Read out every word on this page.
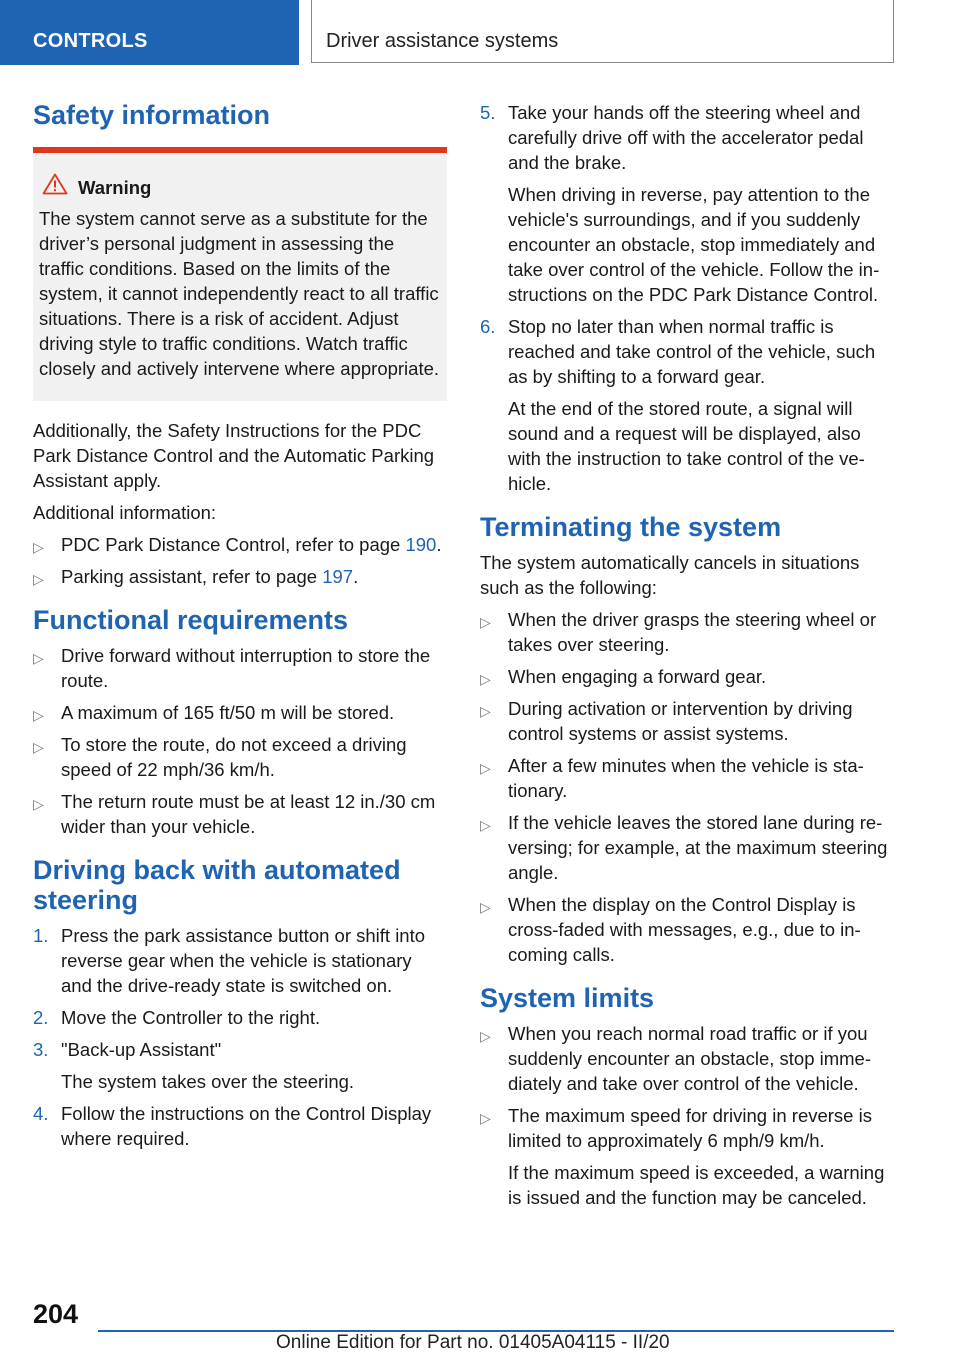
CONTROLS	Driver assistance systems
Safety information
Warning
The system cannot serve as a substitute for the driver’s personal judgment in assessing the traffic conditions. Based on the limits of the system, it cannot independently react to all traffic situations. There is a risk of accident. Adjust driving style to traffic conditions. Watch traffic closely and actively intervene where appropriate.

Additionally, the Safety Instructions for the PDC Park Distance Control and the Automatic Parking Assistant apply.

Additional information:

▷ PDC Park Distance Control, refer to page 190.
▷ Parking assistant, refer to page 197.
Functional requirements
▷ Drive forward without interruption to store the route.
▷ A maximum of 165 ft/50 m will be stored.
▷ To store the route, do not exceed a driving speed of 22 mph/36 km/h.
▷ The return route must be at least 12 in./30 cm wider than your vehicle.
Driving back with automated steering
1. Press the park assistance button or shift into reverse gear when the vehicle is stationary and the drive-ready state is switched on.
2. Move the Controller to the right.
3. "Back-up Assistant"
The system takes over the steering.
4. Follow the instructions on the Control Display where required.
5. Take your hands off the steering wheel and carefully drive off with the accelerator pedal and the brake.
When driving in reverse, pay attention to the vehicle's surroundings, and if you suddenly encounter an obstacle, stop immediately and take over control of the vehicle. Follow the instructions on the PDC Park Distance Control.
6. Stop no later than when normal traffic is reached and take control of the vehicle, such as by shifting to a forward gear.
At the end of the stored route, a signal will sound and a request will be displayed, also with the instruction to take control of the vehicle.
Terminating the system

The system automatically cancels in situations such as the following:

▷ When the driver grasps the steering wheel or takes over steering.
▷ When engaging a forward gear.
▷ During activation or intervention by driving control systems or assist systems.
▷ After a few minutes when the vehicle is stationary.
▷ If the vehicle leaves the stored lane during reversing; for example, at the maximum steering angle.
▷ When the display on the Control Display is cross-faded with messages, e.g., due to incoming calls.
System limits
▷ When you reach normal road traffic or if you suddenly encounter an obstacle, stop immediately and take over control of the vehicle.
▷ The maximum speed for driving in reverse is limited to approximately 6 mph/9 km/h.
If the maximum speed is exceeded, a warning is issued and the function may be canceled.
204
Online Edition for Part no. 01405A04115 - II/20
